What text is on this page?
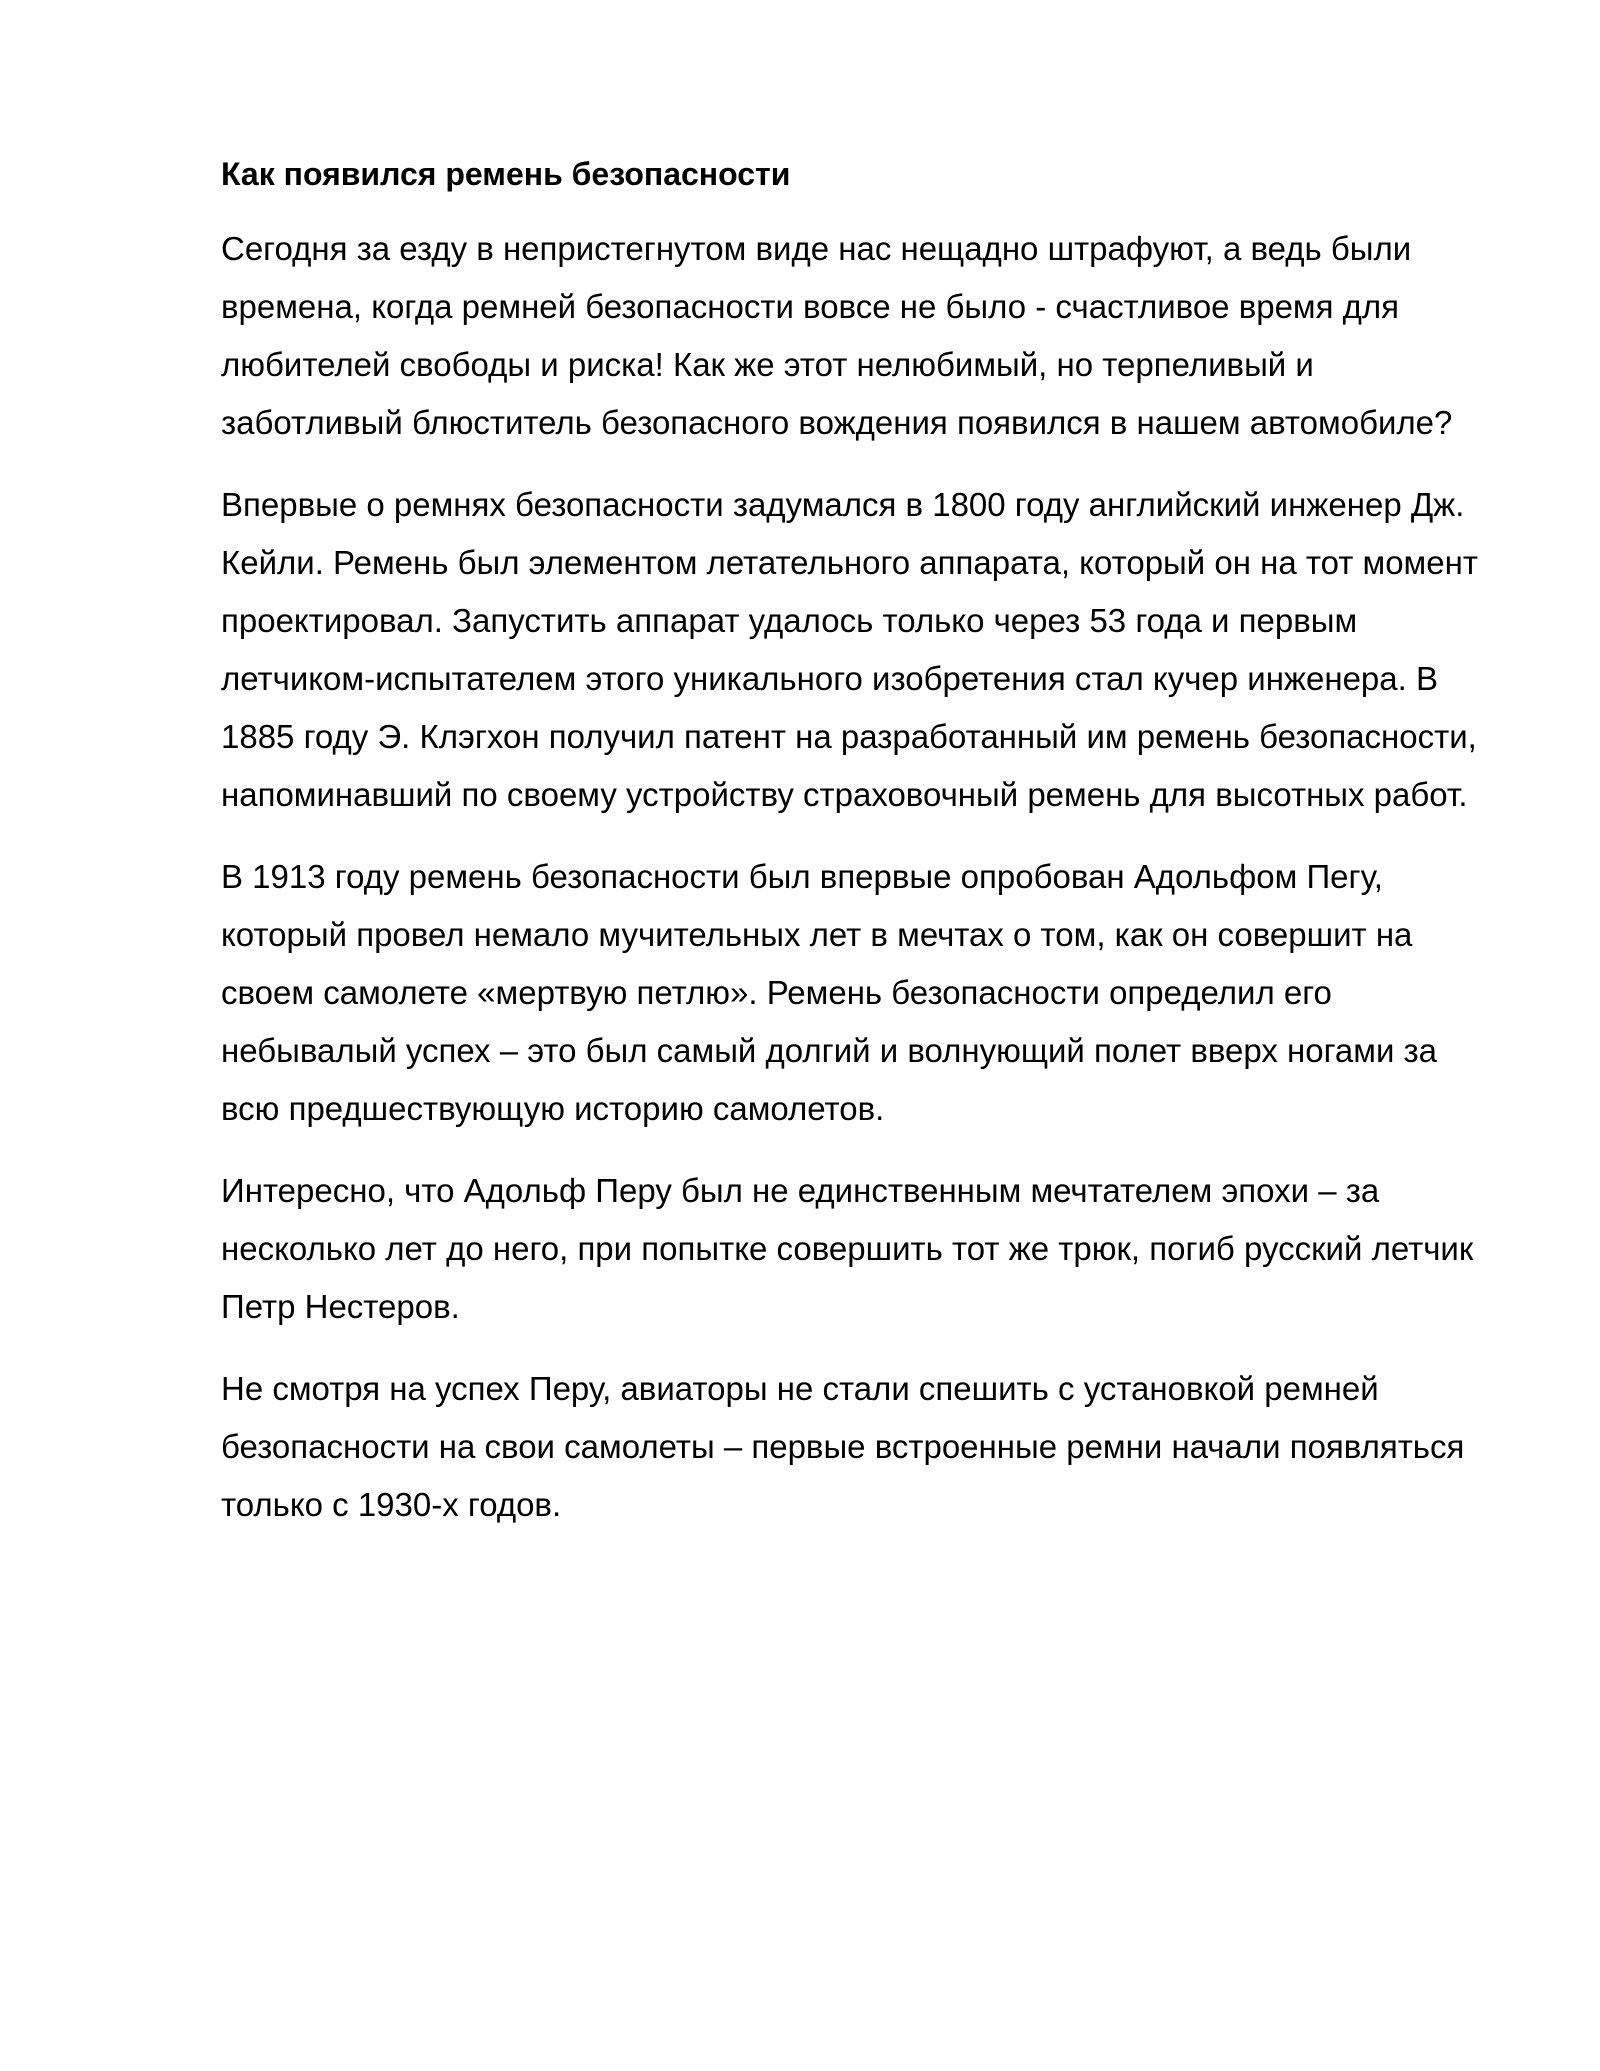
Как появился ремень безопасности

Сегодня за езду в непристегнутом виде нас нещадно штрафуют, а ведь были времена, когда ремней безопасности вовсе не было - счастливое время для любителей свободы и риска! Как же этот нелюбимый, но терпеливый и заботливый блюститель безопасного вождения появился в нашем автомобиле?

Впервые о ремнях безопасности задумался в 1800 году английский инженер Дж. Кейли. Ремень был элементом летательного аппарата, который он на тот момент проектировал. Запустить аппарат удалось только через 53 года и первым летчиком-испытателем этого уникального изобретения стал кучер инженера. В 1885 году Э. Клэгхон получил патент на разработанный им ремень безопасности, напоминавший по своему устройству страховочный ремень для высотных работ.

В 1913 году ремень безопасности был впервые опробован Адольфом Пегу, который провел немало мучительных лет в мечтах о том, как он совершит на своем самолете «мертвую петлю». Ремень безопасности определил его небывалый успех – это был самый долгий и волнующий полет вверх ногами за всю предшествующую историю самолетов.

Интересно, что Адольф Перу был не единственным мечтателем эпохи – за несколько лет до него, при попытке совершить тот же трюк, погиб русский летчик Петр Нестеров.

Не смотря на успех Перу, авиаторы не стали спешить с установкой ремней безопасности на свои самолеты – первые встроенные ремни начали появляться только с 1930-х годов.
